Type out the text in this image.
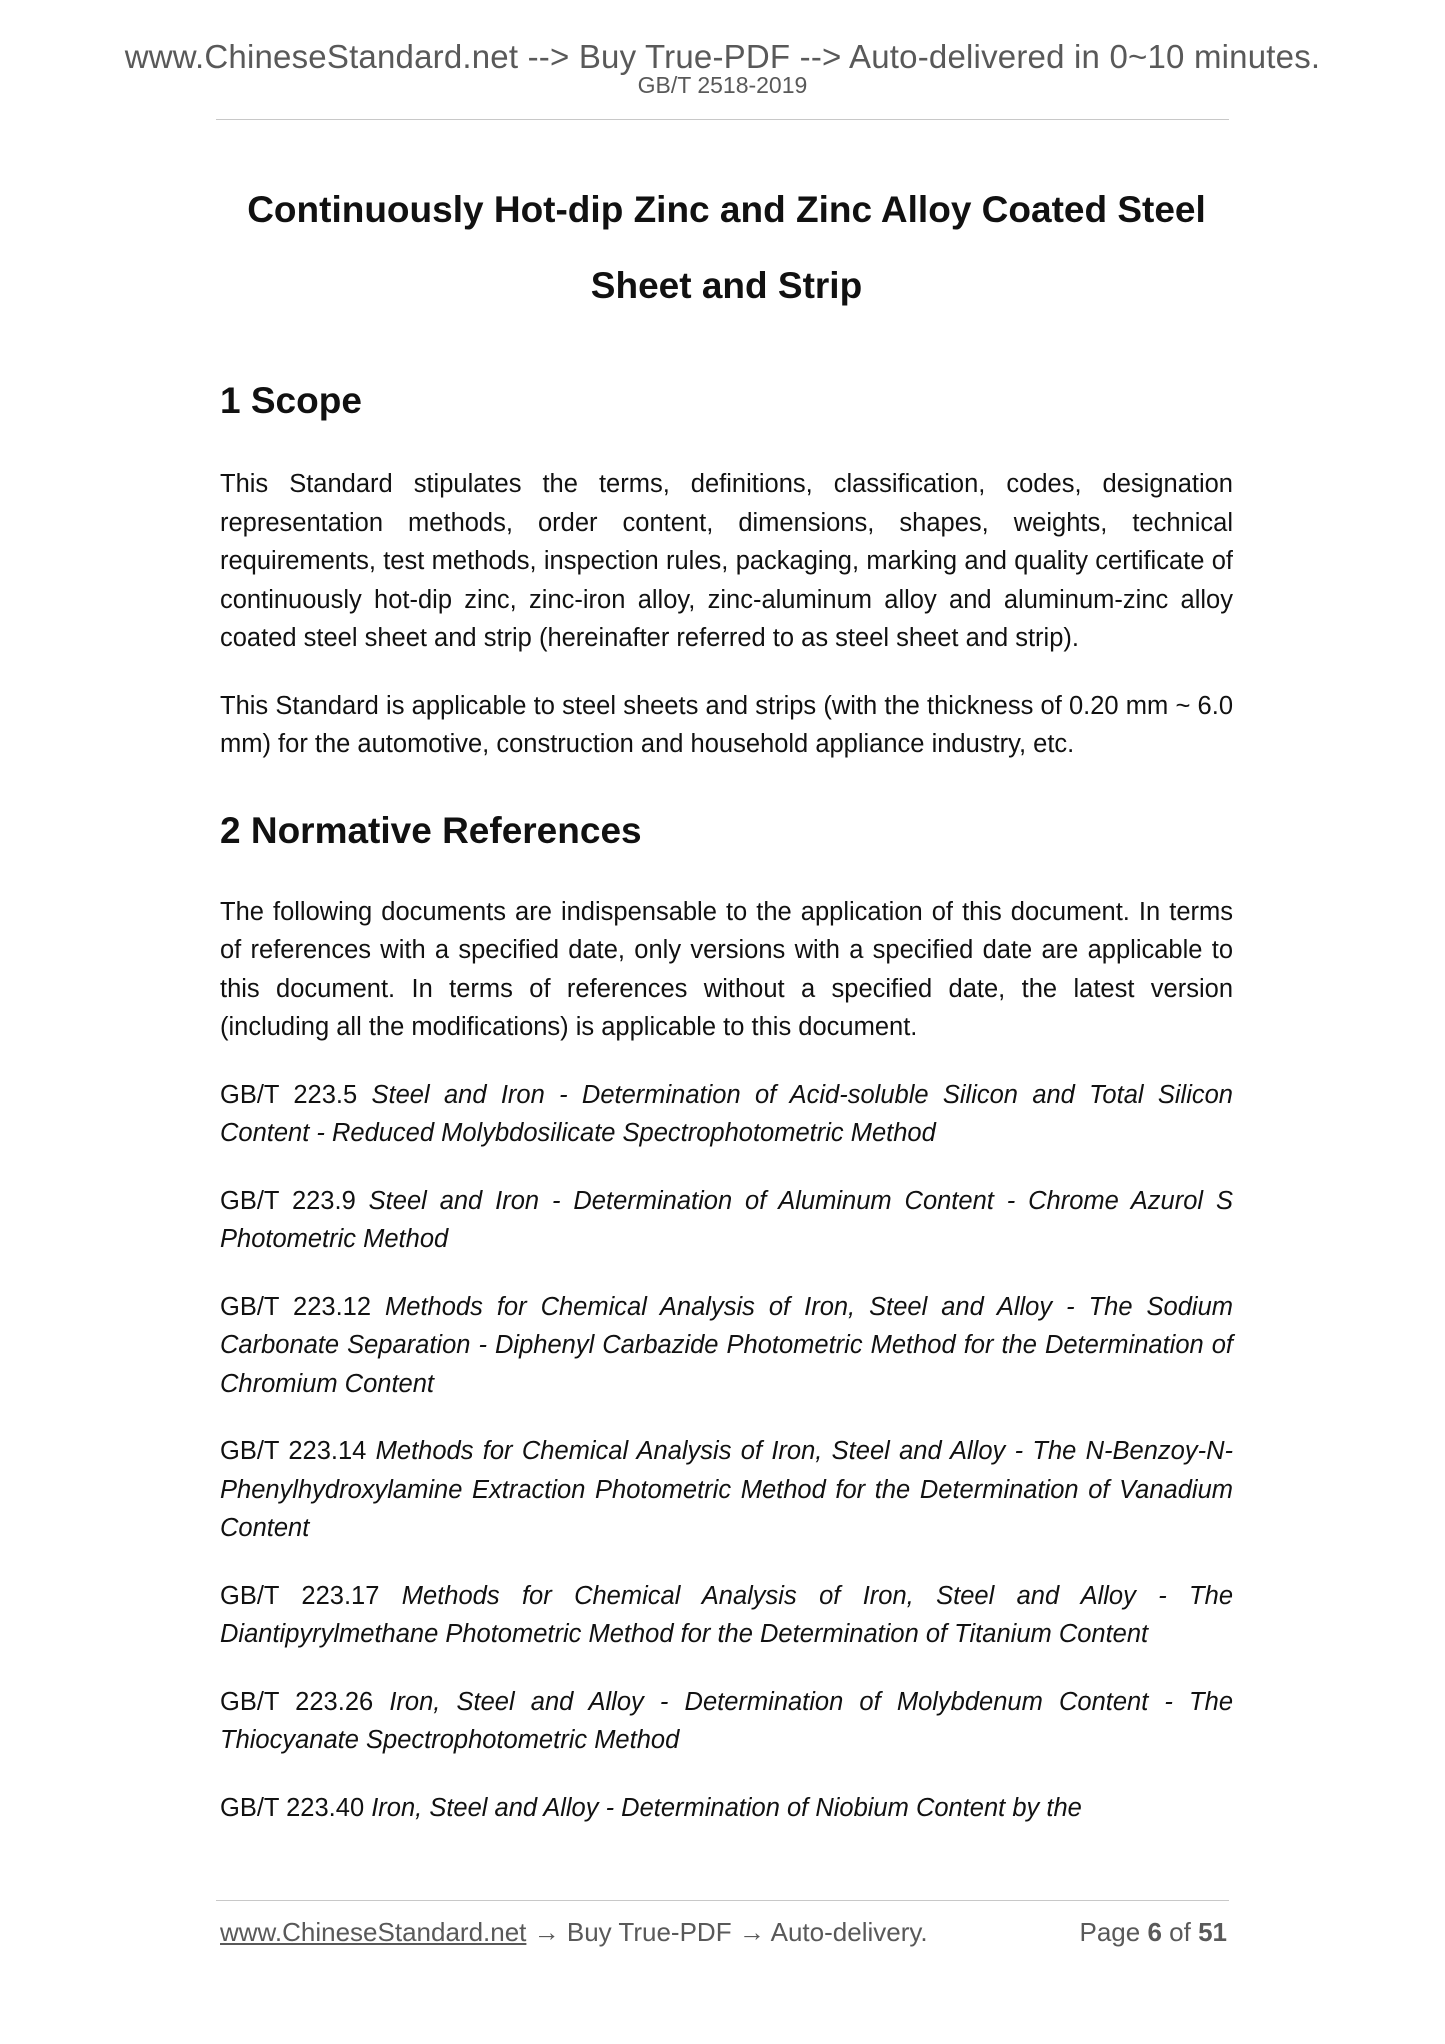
www.ChineseStandard.net --> Buy True-PDF --> Auto-delivered in 0~10 minutes.
GB/T 2518-2019
Continuously Hot-dip Zinc and Zinc Alloy Coated Steel
Sheet and Strip
1 Scope

This Standard stipulates the terms, definitions, classification, codes, designation representation methods, order content, dimensions, shapes, weights, technical requirements, test methods, inspection rules, packaging, marking and quality certificate of continuously hot-dip zinc, zinc-iron alloy, zinc-aluminum alloy and aluminum-zinc alloy coated steel sheet and strip (hereinafter referred to as steel sheet and strip).

This Standard is applicable to steel sheets and strips (with the thickness of 0.20 mm ~ 6.0 mm) for the automotive, construction and household appliance industry, etc.

2 Normative References

The following documents are indispensable to the application of this document. In terms of references with a specified date, only versions with a specified date are applicable to this document. In terms of references without a specified date, the latest version (including all the modifications) is applicable to this document.

GB/T 223.5 Steel and Iron - Determination of Acid-soluble Silicon and Total Silicon Content - Reduced Molybdosilicate Spectrophotometric Method
GB/T 223.9 Steel and Iron - Determination of Aluminum Content - Chrome Azurol S Photometric Method
GB/T 223.12 Methods for Chemical Analysis of Iron, Steel and Alloy - The Sodium Carbonate Separation - Diphenyl Carbazide Photometric Method for the Determination of Chromium Content
GB/T 223.14 Methods for Chemical Analysis of Iron, Steel and Alloy - The N-Benzoy-N-Phenylhydroxylamine Extraction Photometric Method for the Determination of Vanadium Content
GB/T 223.17 Methods for Chemical Analysis of Iron, Steel and Alloy - The Diantipyrylmethane Photometric Method for the Determination of Titanium Content
GB/T 223.26 Iron, Steel and Alloy - Determination of Molybdenum Content - The Thiocyanate Spectrophotometric Method
GB/T 223.40 Iron, Steel and Alloy - Determination of Niobium Content by the
www.ChineseStandard.net → Buy True-PDF → Auto-delivery.	Page 6 of 51
